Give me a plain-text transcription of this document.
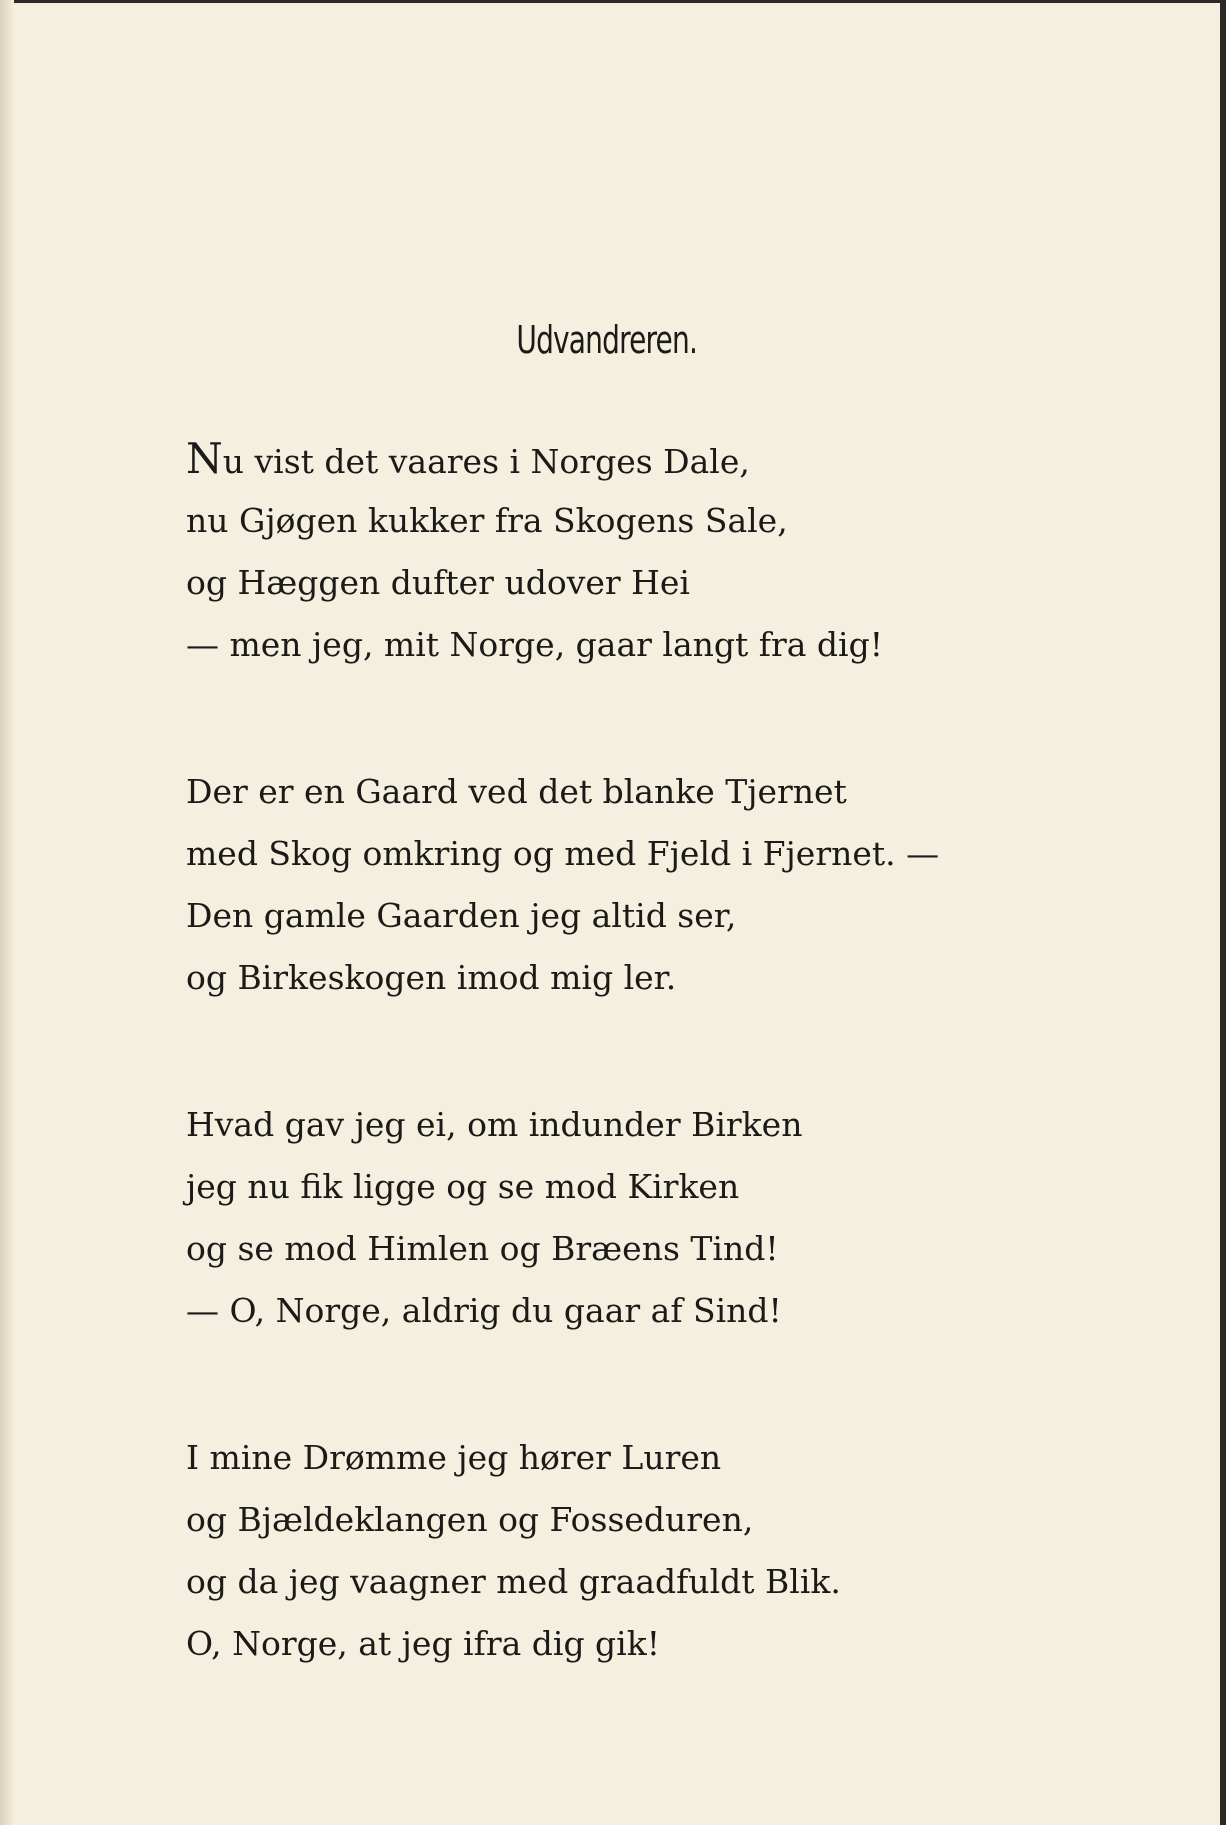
Udvandreren.
Nu vist det vaares i Norges Dale,
nu Gjøgen kukker fra Skogens Sale,
og Hæggen dufter udover Hei
— men jeg, mit Norge, gaar langt fra dig!
Der er en Gaard ved det blanke Tjernet
med Skog omkring og med Fjeld i Fjernet. —
Den gamle Gaarden jeg altid ser,
og Birkeskogen imod mig ler.
Hvad gav jeg ei, om indunder Birken
jeg nu fik ligge og se mod Kirken
og se mod Himlen og Bræens Tind!
— O, Norge, aldrig du gaar af Sind!
I mine Drømme jeg hører Luren
og Bjældeklangen og Fosseduren,
og da jeg vaagner med graadfuldt Blik.
O, Norge, at jeg ifra dig gik!
